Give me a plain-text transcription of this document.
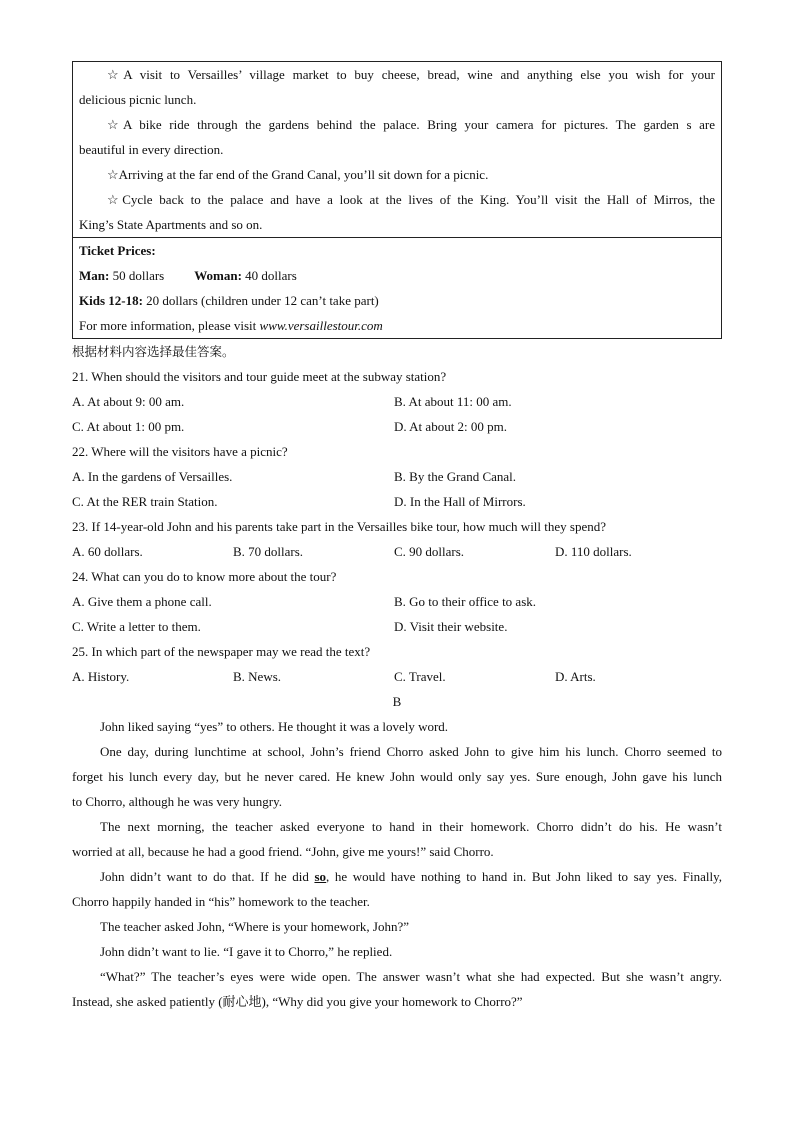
☆A visit to Versailles’ village market to buy cheese, bread, wine and anything else you wish for your
delicious picnic lunch.
☆A bike ride through the gardens behind the palace. Bring your camera for pictures. The garden s are
beautiful in every direction.
☆Arriving at the far end of the Grand Canal, you’ll sit down for a picnic.
☆Cycle back to the palace and have a look at the lives of the King. You’ll visit the Hall of Mirros, the
King’s State Apartments and so on.
Ticket Prices:
Man: 50 dollars Woman: 40 dollars
Kids 12-18: 20 dollars (children under 12 can’t take part)
For more information, please visit www.versaillestour.com
根据材料内容选择最佳答案。
21. When should the visitors and tour guide meet at the subway station?
A. At about 9: 00 am.	B. At about 11: 00 am.
C. At about 1: 00 pm.	D. At about 2: 00 pm.
22. Where will the visitors have a picnic?
A. In the gardens of Versailles.	B. By the Grand Canal.
C. At the RER train Station.	D. In the Hall of Mirrors.
23. If 14-year-old John and his parents take part in the Versailles bike tour, how much will they spend?
A. 60 dollars.	B. 70 dollars.	C. 90 dollars.	D. 110 dollars.
24. What can you do to know more about the tour?
A. Give them a phone call.	B. Go to their office to ask.
C. Write a letter to them.	D. Visit their website.
25. In which part of the newspaper may we read the text?
A. History.	B. News.	C. Travel.	D. Arts.
B
John liked saying “yes” to others. He thought it was a lovely word.
One day, during lunchtime at school, John’s friend Chorro asked John to give him his lunch. Chorro seemed to
forget his lunch every day, but he never cared. He knew John would only say yes. Sure enough, John gave his lunch
to Chorro, although he was very hungry.
The next morning, the teacher asked everyone to hand in their homework. Chorro didn’t do his. He wasn’t
worried at all, because he had a good friend. “John, give me yours!” said Chorro.
John didn’t want to do that. If he did so, he would have nothing to hand in. But John liked to say yes. Finally,
Chorro happily handed in “his” homework to the teacher.
The teacher asked John, “Where is your homework, John?”
John didn’t want to lie. “I gave it to Chorro,” he replied.
“What?” The teacher’s eyes were wide open. The answer wasn’t what she had expected. But she wasn’t angry.
Instead, she asked patiently (耐心地), “Why did you give your homework to Chorro?”
